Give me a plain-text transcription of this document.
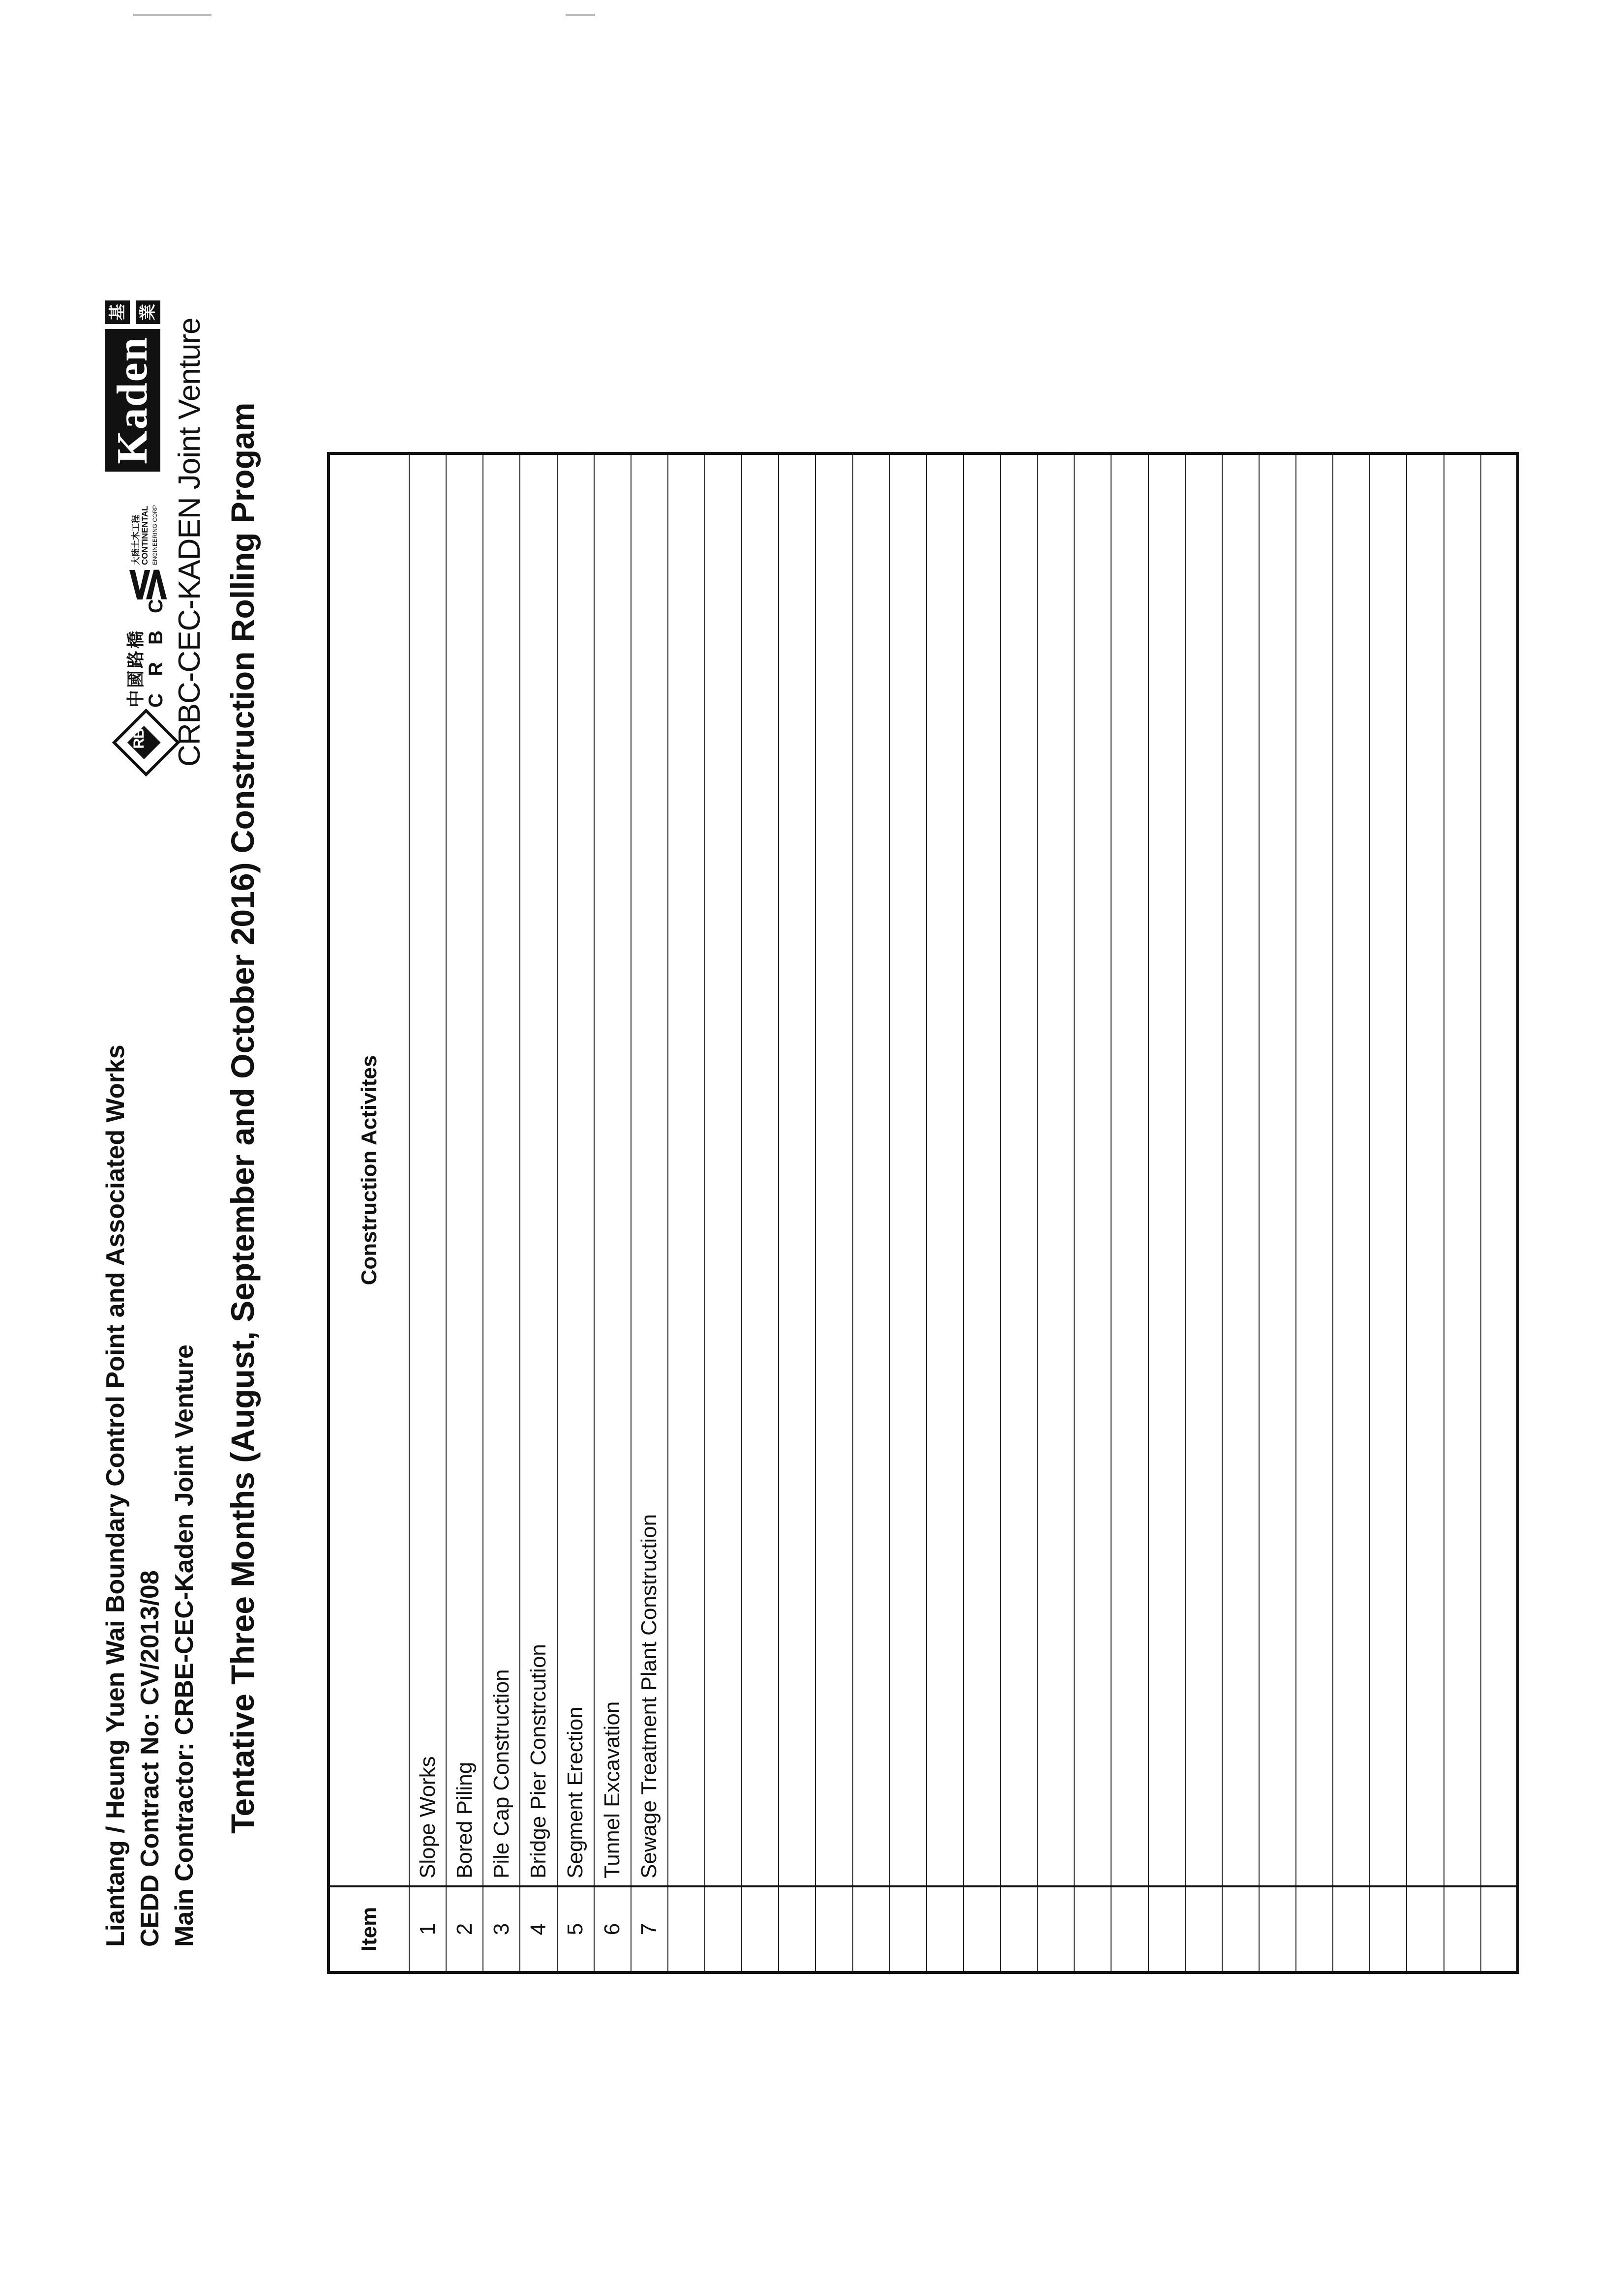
Liantang / Heung Yuen Wai Boundary Control Point and Associated Works CEDD Contract No: CV/2013/08 Main Contractor: CRBE-CEC-Kaden Joint Venture
RB
中國路橋 C R B C
≶
大陸土木工程 CONTINENTAL ENGINEERING CORP
Kaden
基 業
CRBC-CEC-KADEN Joint Venture Tentative Three Months (August, September and October 2016) Construction Rolling Progam
Item	Construction Activites
1	Slope Works
2	Bored Piling
3	Pile Cap Construction
4	Bridge Pier Constrcution
5	Segment Erection
6	Tunnel Excavation
7	Sewage Treatment Plant Construction
